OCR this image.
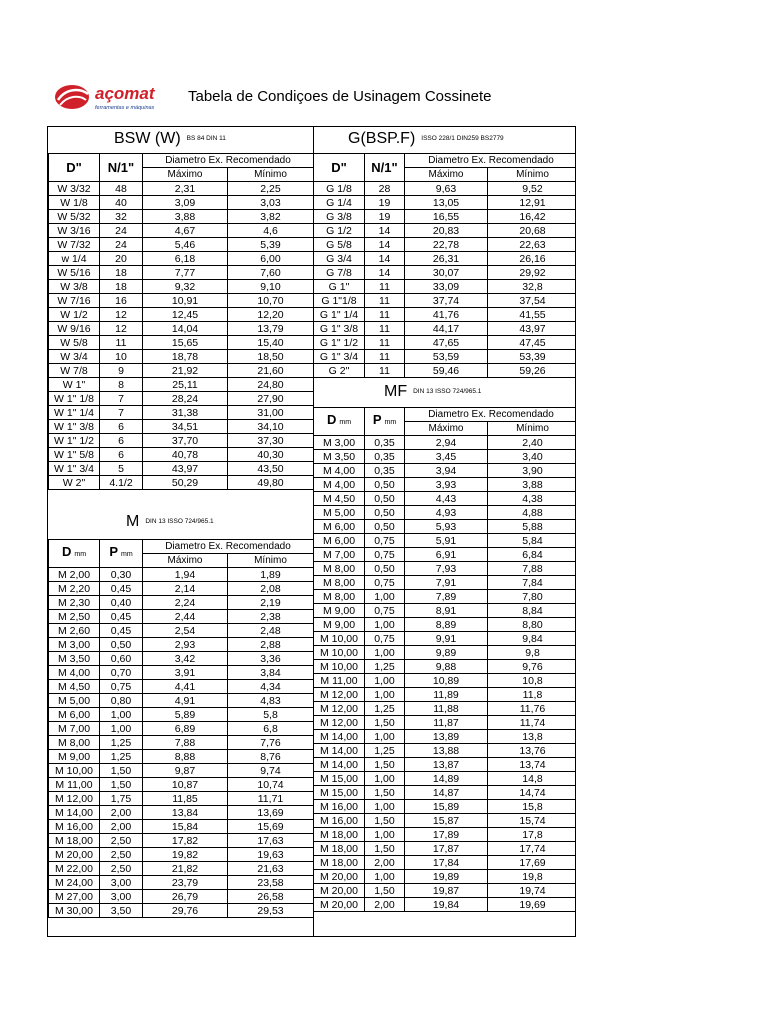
açomat
ferramentas e máquinas
Tabela de Condiçoes de Usinagem Cossinete
BSW (W) BS 84 DIN 11	G(BSP.F) ISSO 228/1 DIN259 BS2779
D"	N/1"	Diametro Ex. Recomendado	
		Máximo	Mínimo
W 3/32	48	2,31	2,25
W 1/8	40	3,09	3,03
W 5/32	32	3,88	3,82
W 3/16	24	4,67	4,6
W 7/32	24	5,46	5,39
w 1/4	20	6,18	6,00
W 5/16	18	7,77	7,60
W 3/8	18	9,32	9,10
W 7/16	16	10,91	10,70
W 1/2	12	12,45	12,20
W 9/16	12	14,04	13,79
W 5/8	11	15,65	15,40
W 3/4	10	18,78	18,50
W 7/8	9	21,92	21,60
W 1"	8	25,11	24,80
W 1" 1/8	7	28,24	27,90
W 1" 1/4	7	31,38	31,00
W 1" 3/8	6	34,51	34,10
W 1" 1/2	6	37,70	37,30
W 1" 5/8	6	40,78	40,30
W 1" 3/4	5	43,97	43,50
W 2"	4.1/2	50,29	49,80
D"	N/1"	Diametro Ex. Recomendado	
		Máximo	Mínimo
G 1/8	28	9,63	9,52
G 1/4	19	13,05	12,91
G 3/8	19	16,55	16,42
G 1/2	14	20,83	20,68
G 5/8	14	22,78	22,63
G 3/4	14	26,31	26,16
G 7/8	14	30,07	29,92
G 1"	11	33,09	32,8
G 1"1/8	11	37,74	37,54
G 1" 1/4	11	41,76	41,55
G 1" 3/8	11	44,17	43,97
G 1" 1/2	11	47,65	47,45
G 1" 3/4	11	53,59	53,39
G 2"	11	59,46	59,26
MF DIN 13 ISSO 724/965.1
D mm	P mm	Diametro Ex. Recomendado	
		Máximo	Mínimo
M 3,00	0,35	2,94	2,40
M 3,50	0,35	3,45	3,40
M 4,00	0,35	3,94	3,90
M 4,00	0,50	3,93	3,88
M 4,50	0,50	4,43	4,38
M 5,00	0,50	4,93	4,88
M 6,00	0,50	5,93	5,88
M 6,00	0,75	5,91	5,84
M 7,00	0,75	6,91	6,84
M 8,00	0,50	7,93	7,88
M 8,00	0,75	7,91	7,84
M 8,00	1,00	7,89	7,80
M 9,00	0,75	8,91	8,84
M 9,00	1,00	8,89	8,80
M 10,00	0,75	9,91	9,84
M 10,00	1,00	9,89	9,8
M 10,00	1,25	9,88	9,76
M 11,00	1,00	10,89	10,8
M 12,00	1,00	11,89	11,8
M 12,00	1,25	11,88	11,76
M 12,00	1,50	11,87	11,74
M 14,00	1,00	13,89	13,8
M 14,00	1,25	13,88	13,76
M 14,00	1,50	13,87	13,74
M 15,00	1,00	14,89	14,8
M 15,00	1,50	14,87	14,74
M 16,00	1,00	15,89	15,8
M 16,00	1,50	15,87	15,74
M 18,00	1,00	17,89	17,8
M 18,00	1,50	17,87	17,74
M 18,00	2,00	17,84	17,69
M 20,00	1,00	19,89	19,8
M 20,00	1,50	19,87	19,74
M 20,00	2,00	19,84	19,69
MDIN 13 ISSO 724/965.1
D mm	P mm	Diametro Ex. Recomendado	
		Máximo	Mínimo
M 2,00	0,30	1,94	1,89
M 2,20	0,45	2,14	2,08
M 2,30	0,40	2,24	2,19
M 2,50	0,45	2,44	2,38
M 2,60	0,45	2,54	2,48
M 3,00	0,50	2,93	2,88
M 3,50	0,60	3,42	3,36
M 4,00	0,70	3,91	3,84
M 4,50	0,75	4,41	4,34
M 5,00	0,80	4,91	4,83
M 6,00	1,00	5,89	5,8
M 7,00	1,00	6,89	6,8
M 8,00	1,25	7,88	7,76
M 9,00	1,25	8,88	8,76
M 10,00	1,50	9,87	9,74
M 11,00	1,50	10,87	10,74
M 12,00	1,75	11,85	11,71
M 14,00	2,00	13,84	13,69
M 16,00	2,00	15,84	15,69
M 18,00	2,50	17,82	17,63
M 20,00	2,50	19,82	19,63
M 22,00	2,50	21,82	21,63
M 24,00	3,00	23,79	23,58
M 27,00	3,00	26,79	26,58
M 30,00	3,50	29,76	29,53
